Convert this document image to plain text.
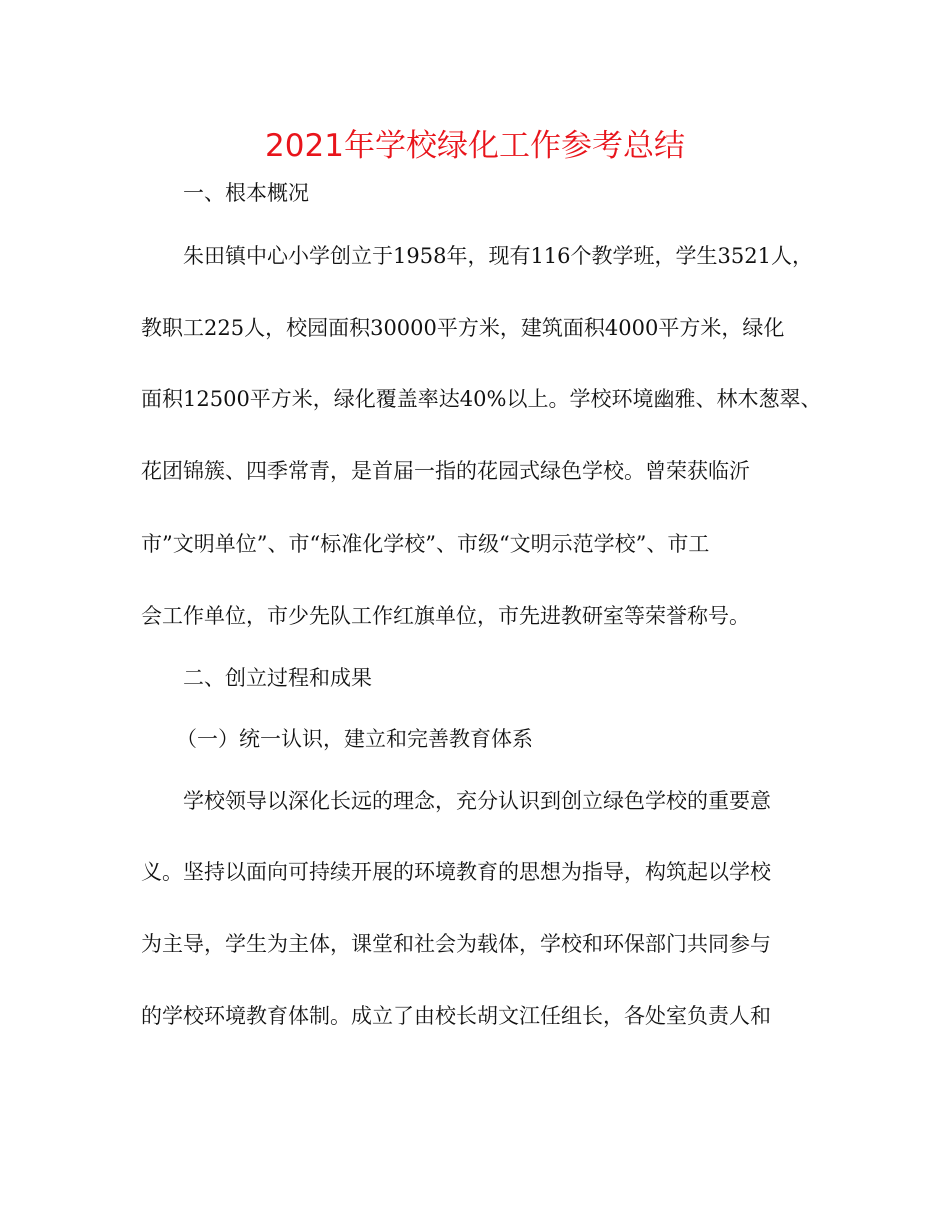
2021年学校绿化工作参考总结
一、根本概况
朱田镇中心小学创立于1958年，现有116个教学班，学生3521人，
教职工225人，校园面积30000平方米，建筑面积4000平方米，绿化
面积12500平方米，绿化覆盖率达40%以上。学校环境幽雅、林木葱翠、
花团锦簇、四季常青，是首届一指的花园式绿色学校。曾荣获临沂
市”文明单位”、市“标准化学校”、市级“文明示范学校”、市工
会工作单位，市少先队工作红旗单位，市先进教研室等荣誉称号。
二、创立过程和成果
（一）统一认识，建立和完善教育体系
学校领导以深化长远的理念，充分认识到创立绿色学校的重要意
义。坚持以面向可持续开展的环境教育的思想为指导，构筑起以学校
为主导，学生为主体，课堂和社会为载体，学校和环保部门共同参与
的学校环境教育体制。成立了由校长胡文江任组长，各处室负责人和
